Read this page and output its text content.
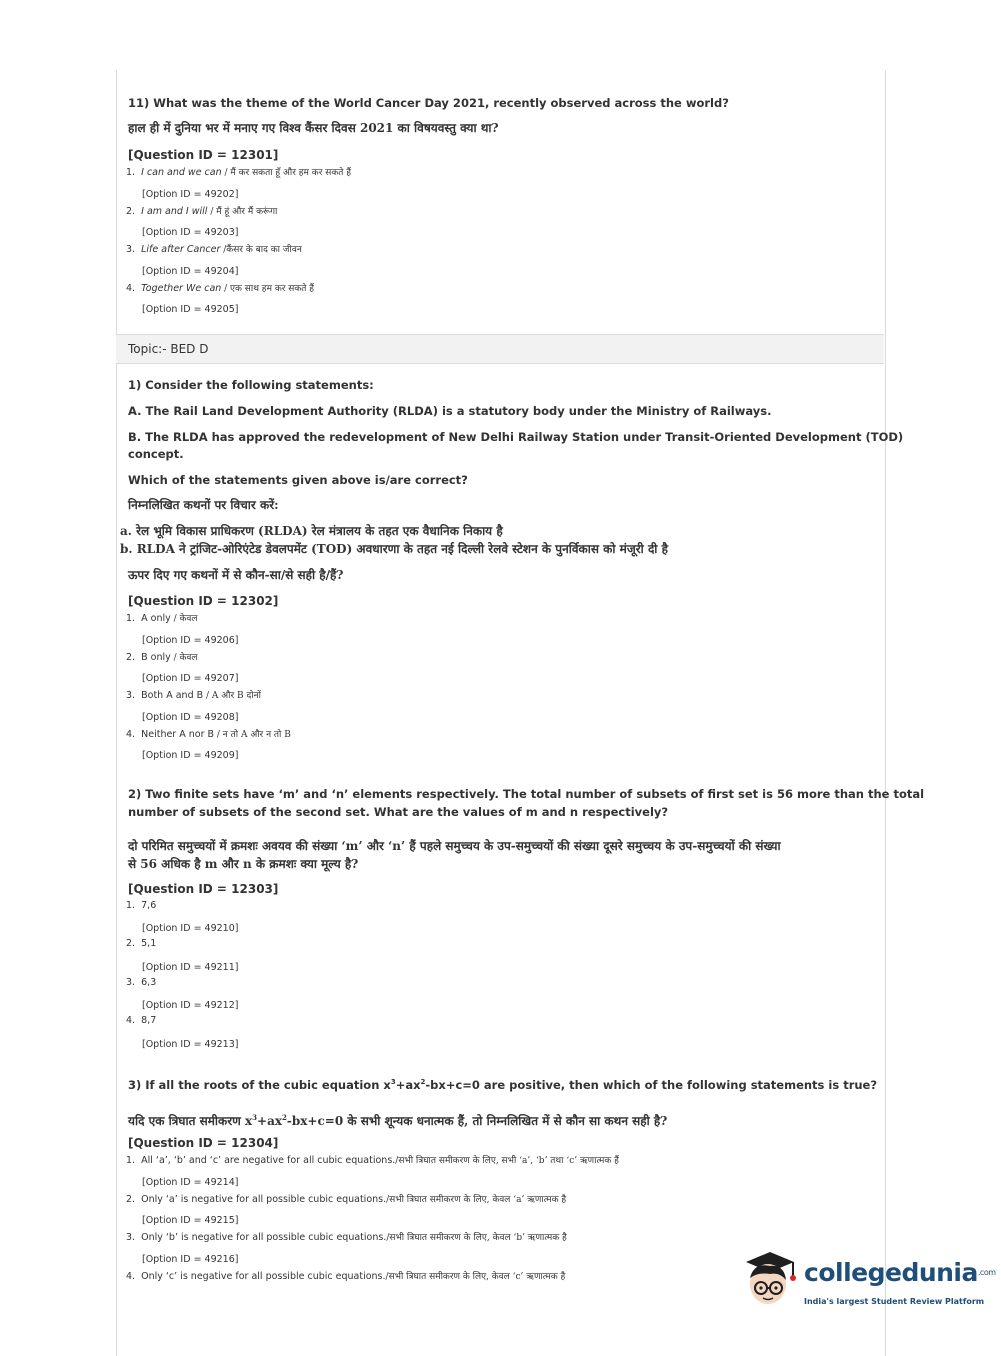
11) What was the theme of the World Cancer Day 2021, recently observed across the world?
हाल ही में दुनिया भर में मनाए गए विश्व कैंसर दिवस 2021 का विषयवस्तु क्या था?
[Question ID = 12301]
1. I can and we can / मैं कर सकता हूँ और हम कर सकते हैं
[Option ID = 49202]
2. I am and I will / मैं हूं और मैं करूंगा
[Option ID = 49203]
3. Life after Cancer /कैंसर के बाद का जीवन
[Option ID = 49204]
4. Together We can / एक साथ हम कर सकते हैं
[Option ID = 49205]
Topic:- BED D
1) Consider the following statements:
A. The Rail Land Development Authority (RLDA) is a statutory body under the Ministry of Railways.
B. The RLDA has approved the redevelopment of New Delhi Railway Station under Transit-Oriented Development (TOD)
concept.
Which of the statements given above is/are correct?
निम्नलिखित कथनों पर विचार करें:
a. रेल भूमि विकास प्राधिकरण (RLDA) रेल मंत्रालय के तहत एक वैधानिक निकाय है
b. RLDA ने ट्रांजिट-ओरिएंटेड डेवलपमेंट (TOD) अवधारणा के तहत नई दिल्ली रेलवे स्टेशन के पुनर्विकास को मंजूरी दी है
ऊपर दिए गए कथनों में से कौन-सा/से सही है/हैं?
[Question ID = 12302]
1. A only / केवल
[Option ID = 49206]
2. B only / केवल
[Option ID = 49207]
3. Both A and B / A और B दोनों
[Option ID = 49208]
4. Neither A nor B / न तो A और न तो B
[Option ID = 49209]
2) Two finite sets have ‘m’ and ‘n’ elements respectively. The total number of subsets of first set is 56 more than the total
number of subsets of the second set. What are the values of m and n respectively?
दो परिमित समुच्चयों में क्रमशः अवयव की संख्या ‘m’ और ‘n’ हैं पहले समुच्चय के उप-समुच्चयों की संख्या दूसरे समुच्चय के उप-समुच्चयों की संख्या
से 56 अधिक है m और n के क्रमशः क्या मूल्य है?
[Question ID = 12303]
1. 7,6
[Option ID = 49210]
2. 5,1
[Option ID = 49211]
3. 6,3
[Option ID = 49212]
4. 8,7
[Option ID = 49213]
3) If all the roots of the cubic equation $x^3+ax^2-bx+c=0$ are positive, then which of the following statements is true?
यदि एक त्रिघात समीकरण $x^3+ax^2-bx+c=0$ के सभी शून्यक धनात्मक हैं, तो निम्नलिखित में से कौन सा कथन सही है?
[Question ID = 12304]
1. All ‘a’, ‘b’ and ‘c’ are negative for all cubic equations./सभी त्रिघात समीकरण के लिए, सभी ‘a’, ‘b’ तथा ‘c’ ऋणात्मक हैं
[Option ID = 49214]
2. Only ‘a’ is negative for all possible cubic equations./सभी त्रिघात समीकरण के लिए, केवल ‘a’ ऋणात्मक है
[Option ID = 49215]
3. Only ‘b’ is negative for all possible cubic equations./सभी त्रिघात समीकरण के लिए, केवल ‘b’ ऋणात्मक है
[Option ID = 49216]
4. Only ‘c’ is negative for all possible cubic equations./सभी त्रिघात समीकरण के लिए, केवल ‘c’ ऋणात्मक है	collegedunia$^{.com}$
India's largest Student Review Platform
